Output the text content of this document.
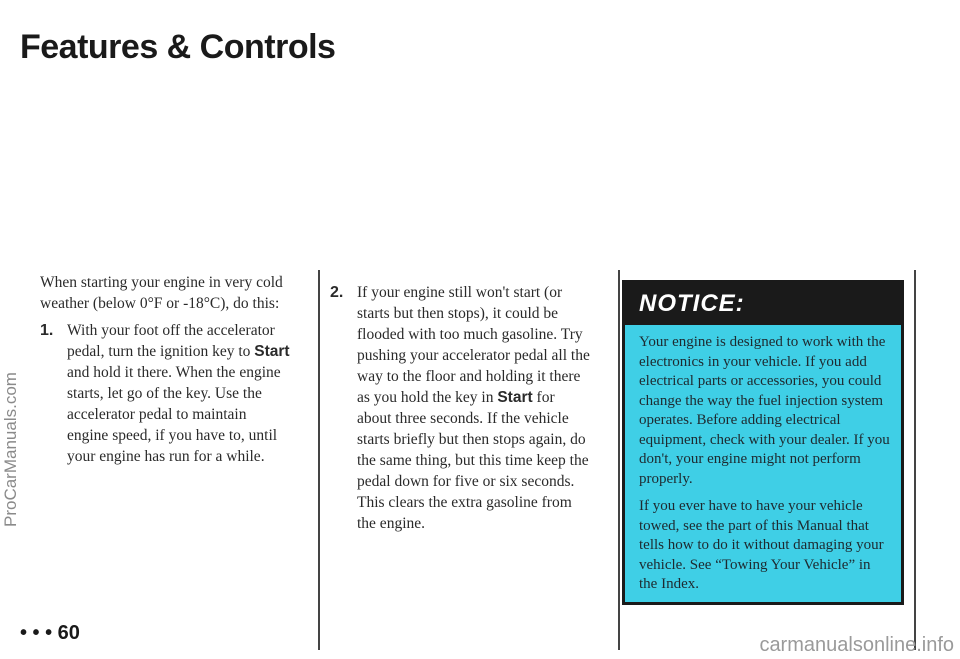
Features & Controls

When starting your engine in very cold weather (below 0°F or -18°C), do this:

1. With your foot off the accelerator pedal, turn the ignition key to Start and hold it there. When the engine starts, let go of the key. Use the accelerator pedal to maintain engine speed, if you have to, until your engine has run for a while.
2. If your engine still won't start (or starts but then stops), it could be flooded with too much gasoline. Try pushing your accelerator pedal all the way to the floor and holding it there as you hold the key in Start for about three seconds. If the vehicle starts briefly but then stops again, do the same thing, but this time keep the pedal down for five or six seconds. This clears the extra gasoline from the engine.
NOTICE:

Your engine is designed to work with the electronics in your vehicle. If you add electrical parts or accessories, you could change the way the fuel injection system operates. Before adding electrical equipment, check with your dealer. If you don't, your engine might not perform properly.

If you ever have to have your vehicle towed, see the part of this Manual that tells how to do it without damaging your vehicle. See “Towing Your Vehicle” in the Index.

• • • 60
ProCarManuals.com
carmanualsonline.info
